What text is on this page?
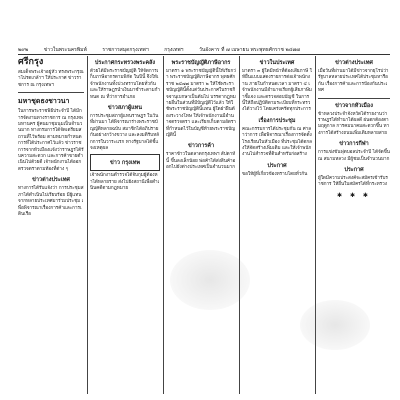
๒๙๒	ข่าวในพระนครพิมพ์	ราชการสมุดกรุงเทพฯ	กรุงเทพฯ	วันอังคาร ที่ ๗ เมษายน พระพุทธศักราช ๒๔๗๗
ศรีกรุง
สมเด็จพระเจ้าอยู่หัว ทรงพระกรุณาโปรดเกล้าฯ ให้ประกาศ ข่าวราชการ ณ กรุงเทพฯ
มหาชุดธงชาวนา
ในการพระราชพิธีประจำปี ได้มีการจัดงานทางราชการ ณ กรุงเทพมหานคร ผู้คนมาชุมนุมเป็นจำนวนมาก ทางกรมการได้จัดเตรียมสถานที่ไว้พร้อม ตามหมายกำหนดการที่ได้ประกาศไว้แล้ว ข่าวราชการจากหัวเมืองแจ้งว่าราษฎรได้รับความสะดวก และการค้าขายดำเนินไปด้วยดี เจ้าพนักงานได้ออกตรวจตราตามท้องที่ต่าง ๆ
ข่าวต่างประเทศ
ทางการได้รับแจ้งว่า การประชุมสภาได้ดำเนินไปเรียบร้อย มีผู้แทนจากหลายประเทศมาร่วมประชุม เพื่อพิจารณาเรื่องการค้าและการเดินเรือ
ประกาศกระทรวงพระคลัง
ด้วยได้มีพระราชบัญญัติ ให้จัดการเก็บภาษีอากรตามพิกัด ในปีนี้ จึงให้เจ้าพนักงานทั้งปวงทราบโดยทั่วกัน และให้ราษฎรนำเงินมาชำระตามกำหนด ณ ที่ว่าการอำเภอ
ข่าวสภาผู้แทน
การประชุมสภาผู้แทนราษฎร ในวันที่ผ่านมา ได้พิจารณาร่างพระราชบัญญัติหลายฉบับ สมาชิกได้อภิปรายกันอย่างกว้างขวาง และลงมติรับหลักการในวาระแรก ทางรัฐบาลได้ชี้แจงเหตุผล
ข่าว กรุงเทพ
เจ้าพนักงานตำรวจได้จับกุมผู้ต้องหาได้หลายราย ส่งไปยังสถานีเพื่อดำเนินคดีตามกฎหมาย
พระราชบัญญัติภาษีอากร
มาตรา ๑ พระราชบัญญัตินี้ให้เรียกว่า พระราชบัญญัติภาษีอากร พุทธศักราช ๒๔๗๗ มาตรา ๒ ให้ใช้พระราชบัญญัตินี้ตั้งแต่วันประกาศในราชกิจจานุเบกษาเป็นต้นไป บรรดากฎหมายอื่นในส่วนที่มีบัญญัติไว้แล้ว ให้ใช้พระราชบัญญัตินี้แทน ผู้ใดฝ่าฝืนต้องระวางโทษ ให้เจ้าพนักงานมีอำนาจตรวจตรา และเรียกเก็บตามอัตราที่กำหนดไว้ในบัญชีท้ายพระราชบัญญัตินี้
ข่าวการค้า
ราคาข้าวในตลาดกรุงเทพฯ สัปดาห์นี้ ขึ้นลงเล็กน้อย พ่อค้าได้ส่งสินค้าออกไปยังต่างประเทศเป็นจำนวนมาก
ข่าวในประเทศ
มาตรา ๓ ผู้ใดมีหน้าที่ต้องเสียภาษี ให้ยื่นแบบแสดงรายการต่อเจ้าพนักงาน ภายในกำหนดเวลา มาตรา ๔ เจ้าพนักงานมีอำนาจเรียกผู้เสียภาษีมาชี้แจง และตรวจสอบบัญชี ในการนี้ให้ถือปฏิบัติตามระเบียบที่กระทรวงได้วางไว้ โดยเคร่งครัดทุกประการ
เรื่องการประชุม
คณะกรรมการได้ประชุมกัน ณ ศาลาว่าการ เพื่อพิจารณาเรื่องการจัดตั้งโรงเรียนในหัวเมือง ที่ประชุมได้ตกลงให้จัดสร้างเพิ่มเติม และให้เจ้าพนักงานไปสำรวจที่ดินสำหรับก่อสร้าง
ประกาศ
ขอให้ผู้ที่เกี่ยวข้องทราบโดยทั่วกัน
ข่าวต่างประเทศ
เมื่อวันที่ผ่านมาได้มีข่าวจากยุโรปว่า รัฐบาลหลายประเทศได้ประชุมหารือกัน เรื่องการค้าและการป้องกันประเทศ
ข่าวจากหัวเมือง
ข้าหลวงประจำจังหวัดได้รายงานว่า ราษฎรได้ทำนาได้ผลดี ฝนตกต้องตามฤดูกาล การคมนาคมสะดวกขึ้น ทางการได้สร้างถนนเพิ่มเติมหลายสาย
ข่าวการกีฬา
การแข่งขันฟุตบอลประจำปี ได้จัดขึ้น ณ สนามหลวง มีผู้ชมเป็นจำนวนมาก
ประกาศ
ผู้ใดมีความประสงค์จะสมัครเข้ารับราชการ ให้ยื่นใบสมัครได้ที่กระทรวง
✱ ✱ ✱
